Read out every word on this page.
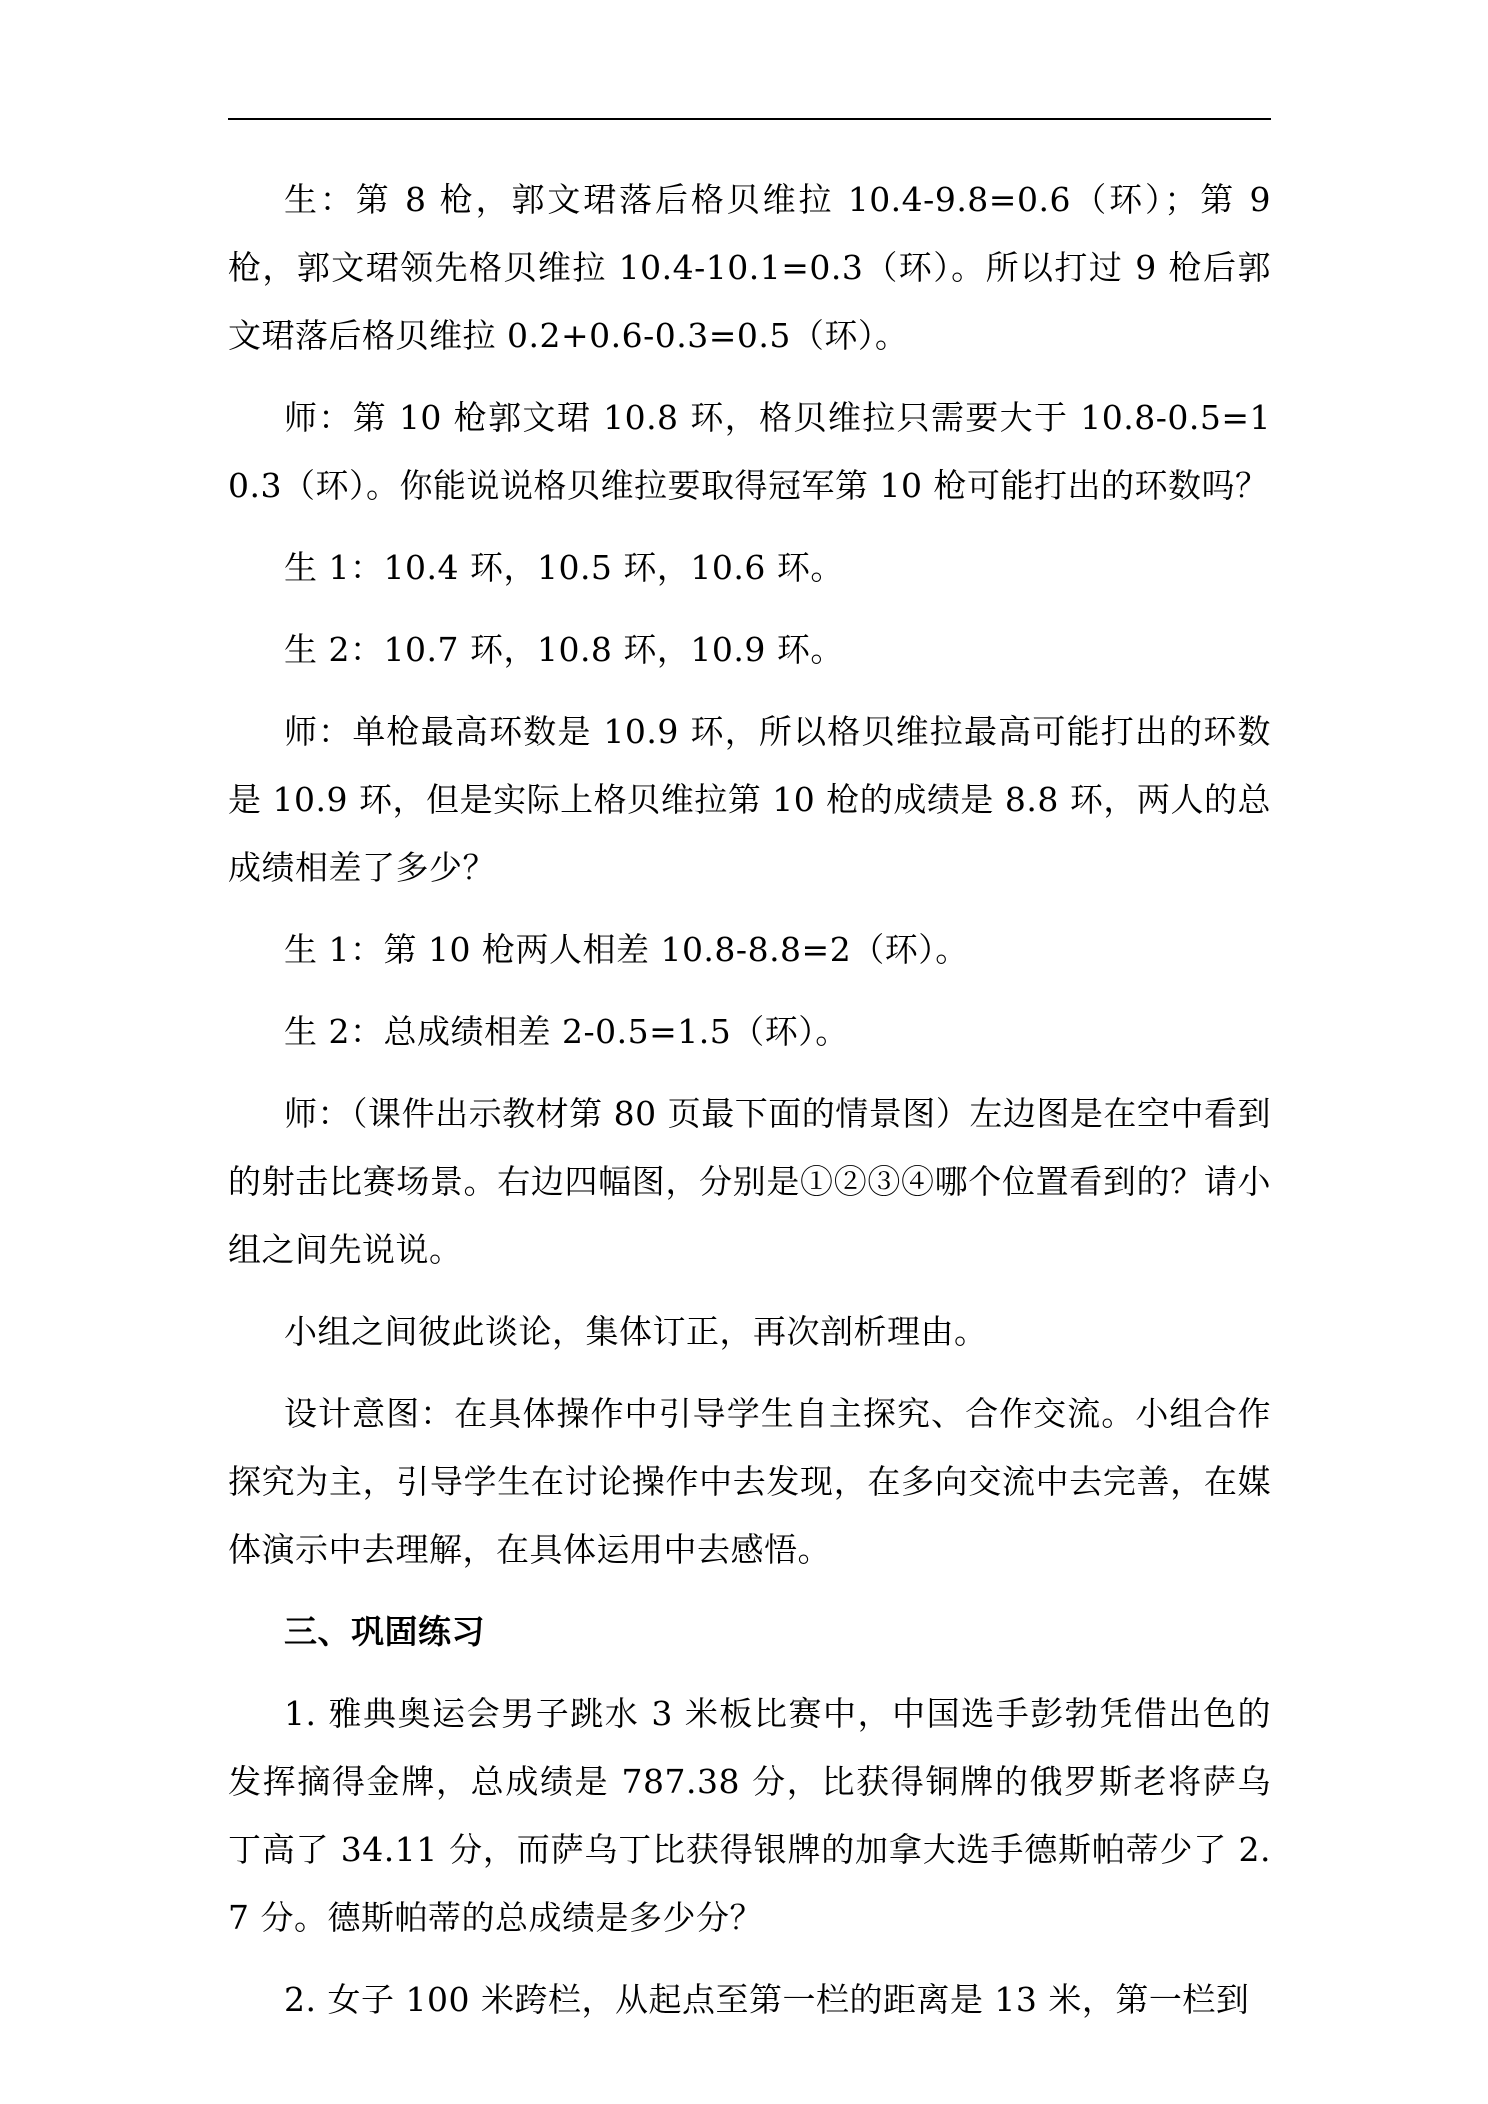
生：第 8 枪，郭文珺落后格贝维拉 10.4-9.8=0.6（环）；第 9 枪，郭文珺领先格贝维拉 10.4-10.1=0.3（环）。所以打过 9 枪后郭文珺落后格贝维拉 0.2+0.6-0.3=0.5（环）。

师：第 10 枪郭文珺 10.8 环，格贝维拉只需要大于 10.8-0.5=10.3（环）。你能说说格贝维拉要取得冠军第 10 枪可能打出的环数吗？

生 1：10.4 环，10.5 环，10.6 环。

生 2：10.7 环，10.8 环，10.9 环。

师：单枪最高环数是 10.9 环，所以格贝维拉最高可能打出的环数是 10.9 环，但是实际上格贝维拉第 10 枪的成绩是 8.8 环，两人的总成绩相差了多少？

生 1：第 10 枪两人相差 10.8-8.8=2（环）。

生 2：总成绩相差 2-0.5=1.5（环）。

师：（课件出示教材第 80 页最下面的情景图）左边图是在空中看到的射击比赛场景。右边四幅图，分别是①②③④哪个位置看到的？请小组之间先说说。

小组之间彼此谈论，集体订正，再次剖析理由。

设计意图：在具体操作中引导学生自主探究、合作交流。小组合作探究为主，引导学生在讨论操作中去发现，在多向交流中去完善，在媒体演示中去理解，在具体运用中去感悟。

三、巩固练习

1. 雅典奥运会男子跳水 3 米板比赛中，中国选手彭勃凭借出色的发挥摘得金牌，总成绩是 787.38 分，比获得铜牌的俄罗斯老将萨乌丁高了 34.11 分，而萨乌丁比获得银牌的加拿大选手德斯帕蒂少了 2.7 分。德斯帕蒂的总成绩是多少分？

2. 女子 100 米跨栏，从起点至第一栏的距离是 13 米，第一栏到
